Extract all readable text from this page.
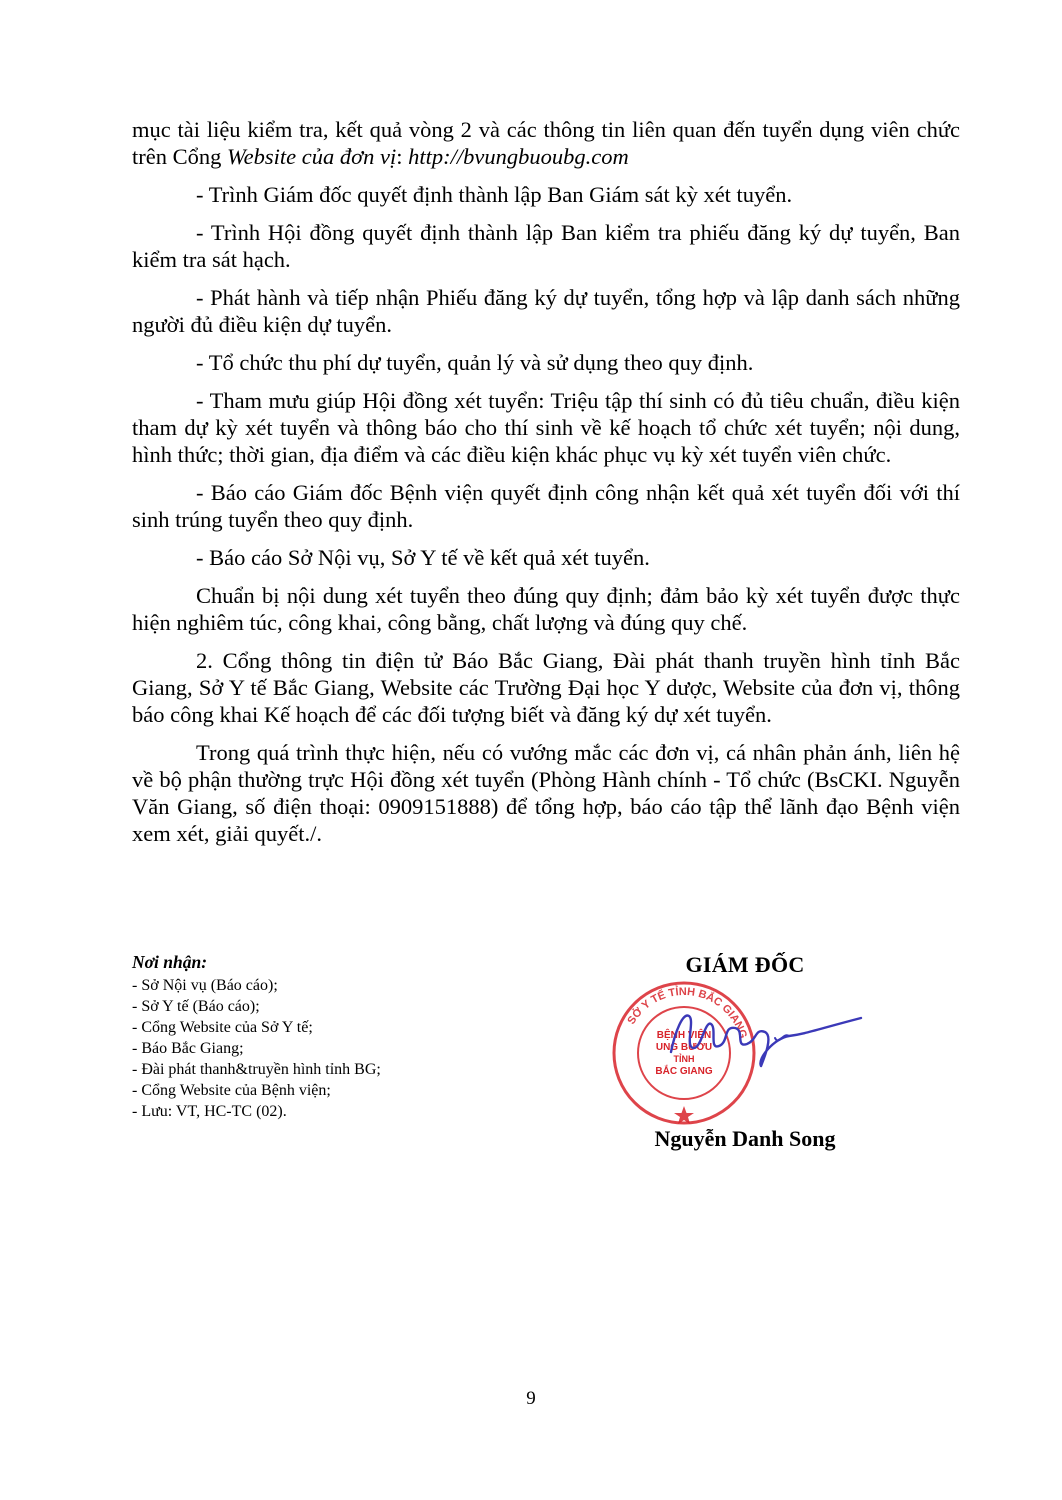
mục tài liệu kiểm tra, kết quả vòng 2 và các thông tin liên quan đến tuyển dụng viên chức trên Cổng Website của đơn vị: http://bvungbuoubg.com

- Trình Giám đốc quyết định thành lập Ban Giám sát kỳ xét tuyển.

- Trình Hội đồng quyết định thành lập Ban kiểm tra phiếu đăng ký dự tuyển, Ban kiểm tra sát hạch.

- Phát hành và tiếp nhận Phiếu đăng ký dự tuyển, tổng hợp và lập danh sách những người đủ điều kiện dự tuyển.

- Tổ chức thu phí dự tuyển, quản lý và sử dụng theo quy định.

- Tham mưu giúp Hội đồng xét tuyển: Triệu tập thí sinh có đủ tiêu chuẩn, điều kiện tham dự kỳ xét tuyển và thông báo cho thí sinh về kế hoạch tổ chức xét tuyển; nội dung, hình thức; thời gian, địa điểm và các điều kiện khác phục vụ kỳ xét tuyển viên chức.

- Báo cáo Giám đốc Bệnh viện quyết định công nhận kết quả xét tuyển đối với thí sinh trúng tuyển theo quy định.

- Báo cáo Sở Nội vụ, Sở Y tế về kết quả xét tuyển.

Chuẩn bị nội dung xét tuyển theo đúng quy định; đảm bảo kỳ xét tuyển được thực hiện nghiêm túc, công khai, công bằng, chất lượng và đúng quy chế.

2. Cổng thông tin điện tử Báo Bắc Giang, Đài phát thanh truyền hình tỉnh Bắc Giang, Sở Y tế Bắc Giang, Website các Trường Đại học Y dược, Website của đơn vị, thông báo công khai Kế hoạch để các đối tượng biết và đăng ký dự xét tuyển.

Trong quá trình thực hiện, nếu có vướng mắc các đơn vị, cá nhân phản ánh, liên hệ về bộ phận thường trực Hội đồng xét tuyển (Phòng Hành chính - Tổ chức (BsCKI. Nguyễn Văn Giang, số điện thoại: 0909151888) để tổng hợp, báo cáo tập thể lãnh đạo Bệnh viện xem xét, giải quyết./.

Nơi nhận:
- Sở Nội vụ (Báo cáo);
- Sở Y tế (Báo cáo);
- Cổng Website của Sở Y tế;
- Báo Bắc Giang;
- Đài phát thanh&truyền hình tỉnh BG;
- Cổng Website của Bệnh viện;
- Lưu: VT, HC-TC (02).
GIÁM ĐỐC
SỞ Y TẾ TỈNH BẮC GIANG
BỆNH VIỆN
UNG BƯỚU
TỈNH
BẮC GIANG
Nguyễn Danh Song
9
